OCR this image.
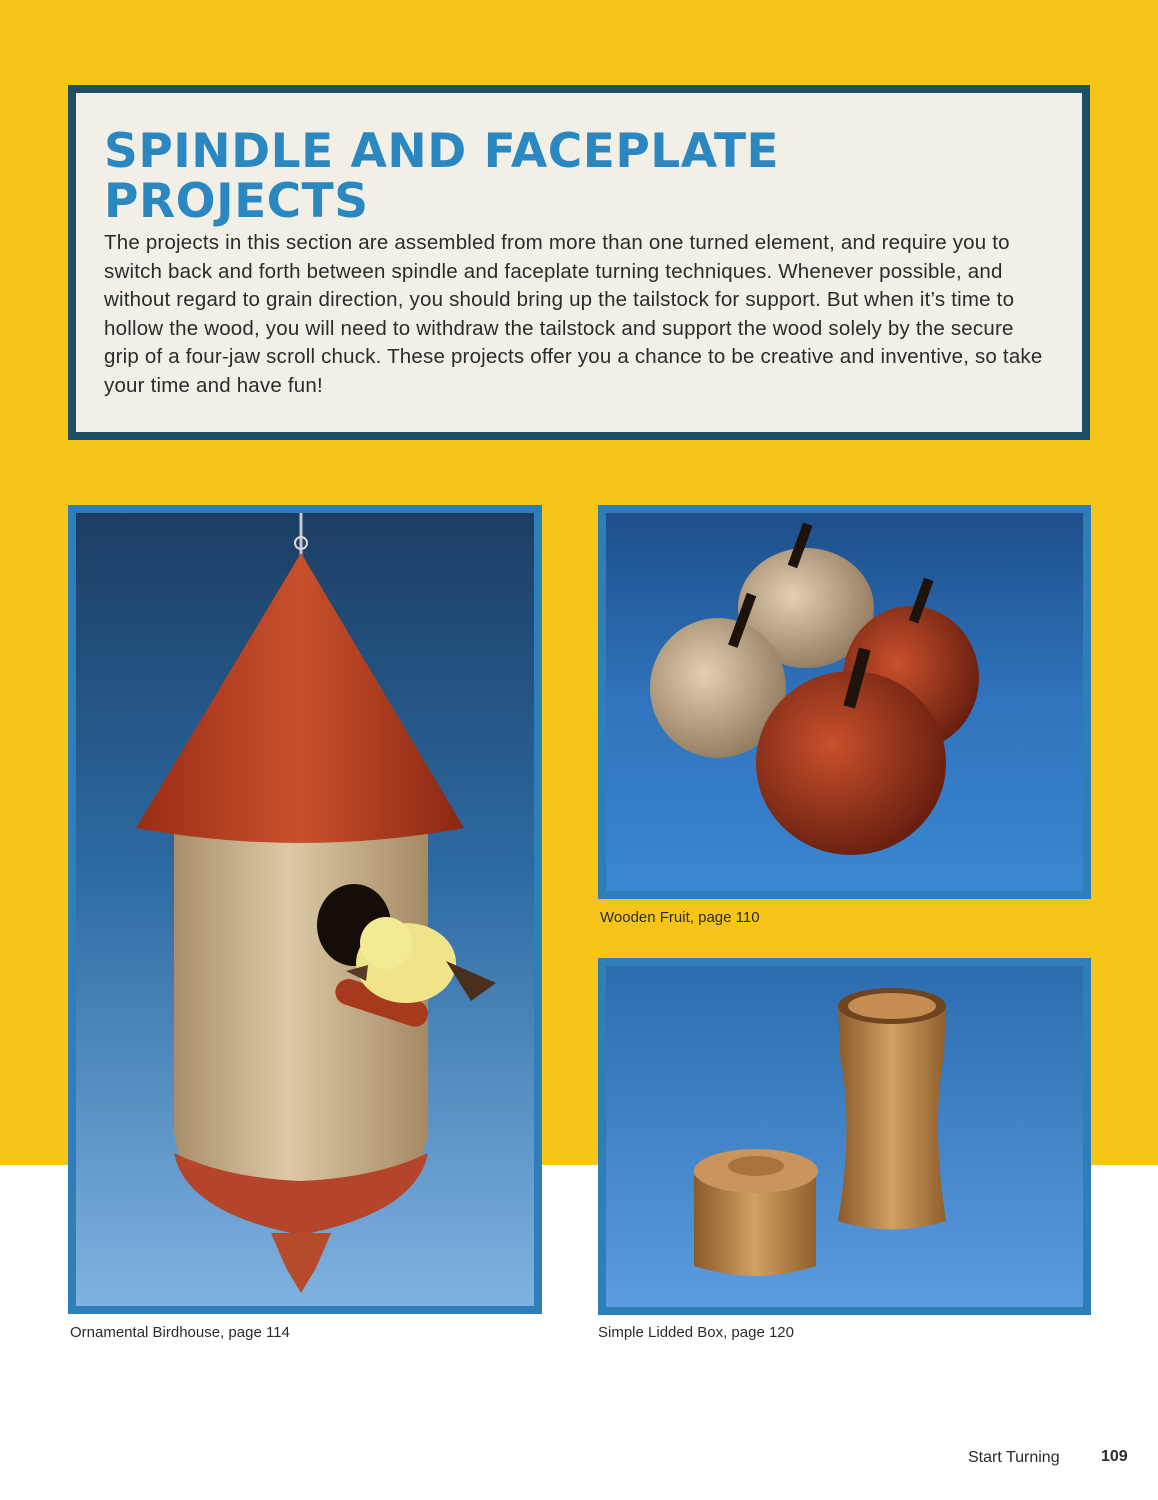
SPINDLE AND FACEPLATE PROJECTS

The projects in this section are assembled from more than one turned element, and require you to switch back and forth between spindle and faceplate turning techniques. Whenever possible, and without regard to grain direction, you should bring up the tailstock for support. But when it’s time to hollow the wood, you will need to withdraw the tailstock and support the wood solely by the secure grip of a four-jaw scroll chuck. These projects offer you a chance to be creative and inventive, so take your time and have fun!

Ornamental Birdhouse, page 114
Wooden Fruit, page 110
Simple Lidded Box, page 120
Start Turning	109
